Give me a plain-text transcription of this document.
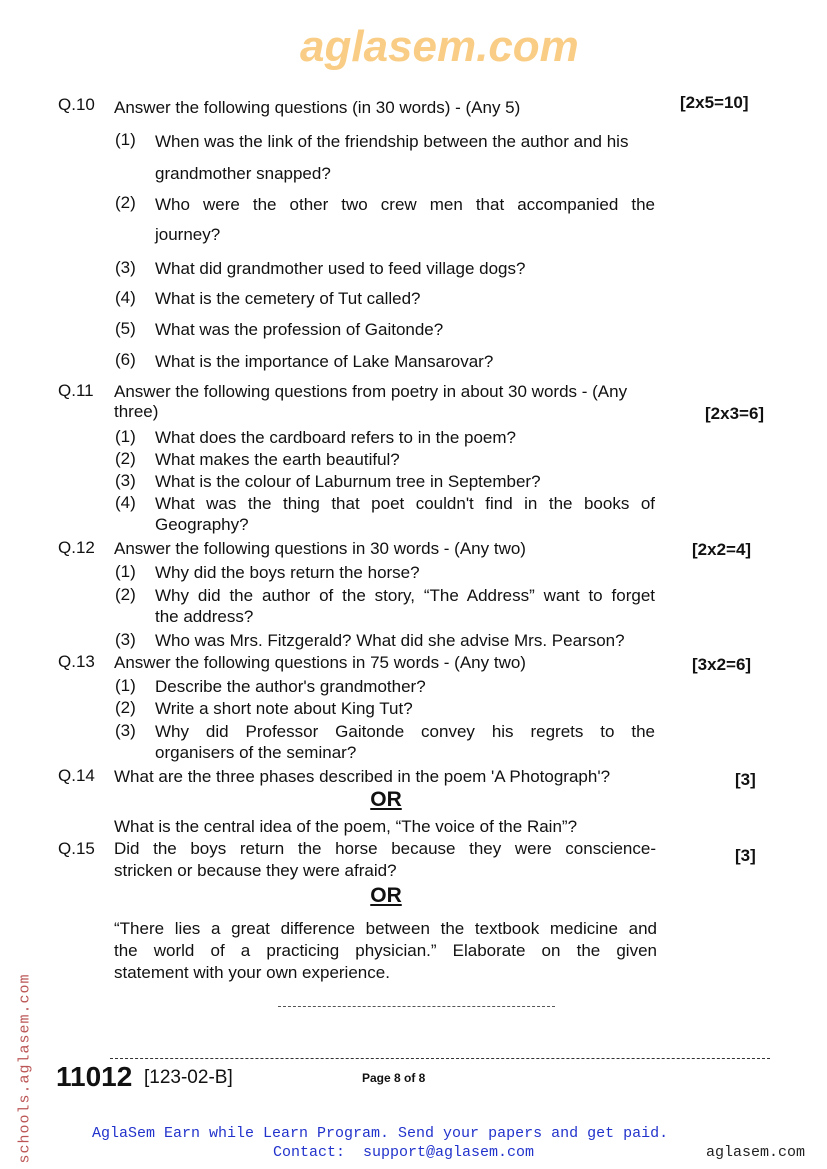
aglasem.com
schools.aglasem.com
Q.10 Answer the following questions (in 30 words) - (Any 5)	[2x5=10]
(1) When was the link of the friendship between the author and his
grandmother snapped?
(2) Who were the other two crew men that accompanied the
journey?
(3) What did grandmother used to feed village dogs?
(4) What is the cemetery of Tut called?
(5) What was the profession of Gaitonde?
(6) What is the importance of Lake Mansarovar?
Q.11 Answer the following questions from poetry in about 30 words - (Any
three)	[2x3=6]
(1) What does the cardboard refers to in the poem?
(2) What makes the earth beautiful?
(3) What is the colour of Laburnum tree in September?
(4) What was the thing that poet couldn't find in the books of
Geography?
Q.12 Answer the following questions in 30 words - (Any two)	[2x2=4]
(1) Why did the boys return the horse?
(2) Why did the author of the story, “The Address” want to forget
the address?
(3) Who was Mrs. Fitzgerald? What did she advise Mrs. Pearson?
Q.13 Answer the following questions in 75 words - (Any two)	[3x2=6]
(1) Describe the author's grandmother?
(2) Write a short note about King Tut?
(3) Why did Professor Gaitonde convey his regrets to the
organisers of the seminar?
Q.14 What are the three phases described in the poem 'A Photograph'?	[3]
OR
What is the central idea of the poem, “The voice of the Rain”?
Q.15 Did the boys return the horse because they were conscience-
stricken or because they were afraid?
[3]
OR
“There lies a great difference between the textbook medicine and
the world of a practicing physician.” Elaborate on the given
statement with your own experience.
11012 [123-02-B]	Page 8 of 8
AglaSem Earn while Learn Program. Send your papers and get paid.
Contact: support@aglasem.com	aglasem.com
